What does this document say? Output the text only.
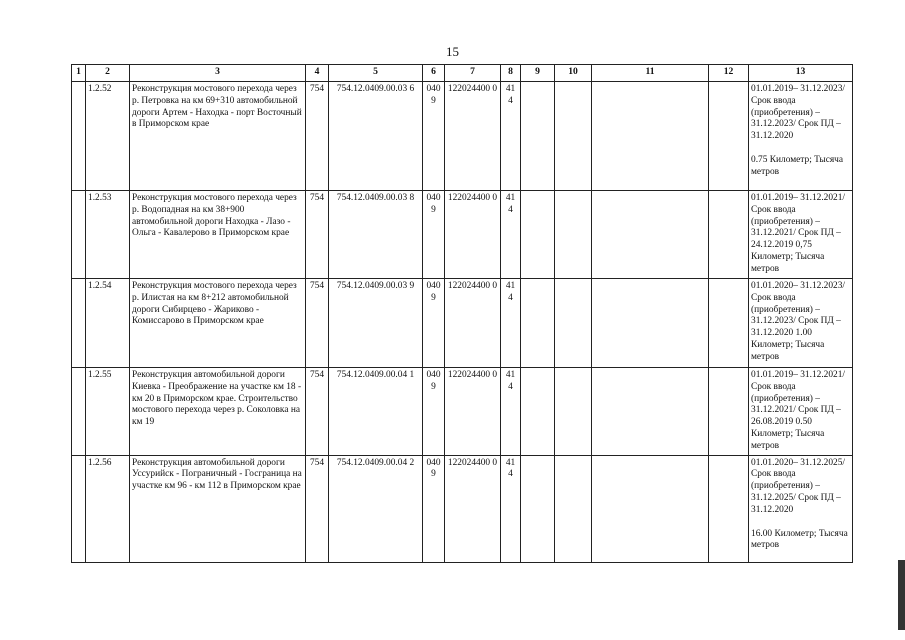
15
1	2	3	4	5	6	7	8	9	10	11	12	13
	1.2.52	Реконструкция мостового перехода через р. Петровка на км 69+310 автомобильной дороги Артем - Находка - порт Восточный в Приморском крае	754	754.12.0409.00.03 6	040 9	122024400 0	41 4					01.01.2019– 31.12.2023/ Срок ввода (приобретения) – 31.12.2023/ Срок ПД – 31.12.2020
0.75 Километр; Тысяча метров
	1.2.53	Реконструкция мостового перехода через р. Водопадная на км 38+900 автомобильной дороги Находка - Лазо - Ольга - Кавалерово в Приморском крае	754	754.12.0409.00.03 8	040 9	122024400 0	41 4					01.01.2019– 31.12.2021/ Срок ввода (приобретения) – 31.12.2021/ Срок ПД – 24.12.2019 0,75 Километр; Тысяча метров
	1.2.54	Реконструкция мостового перехода через р. Илистая на км 8+212 автомобильной дороги Сибирцево - Жариково - Комиссарово в Приморском крае	754	754.12.0409.00.03 9	040 9	122024400 0	41 4					01.01.2020– 31.12.2023/ Срок ввода (приобретения) – 31.12.2023/ Срок ПД – 31.12.2020 1.00 Километр; Тысяча метров
	1.2.55	Реконструкция автомобильной дороги Киевка - Преображение на участке км 18 - км 20 в Приморском крае. Строительство мостового перехода через р. Соколовка на км 19	754	754.12.0409.00.04 1	040 9	122024400 0	41 4					01.01.2019– 31.12.2021/ Срок ввода (приобретения) – 31.12.2021/ Срок ПД – 26.08.2019 0.50 Километр; Тысяча метров
	1.2.56	Реконструкция автомобильной дороги Уссурийск - Пограничный - Госграница на участке км 96 - км 112 в Приморском крае	754	754.12.0409.00.04 2	040 9	122024400 0	41 4					01.01.2020– 31.12.2025/ Срок ввода (приобретения) – 31.12.2025/ Срок ПД – 31.12.2020
16.00 Километр; Тысяча метров
